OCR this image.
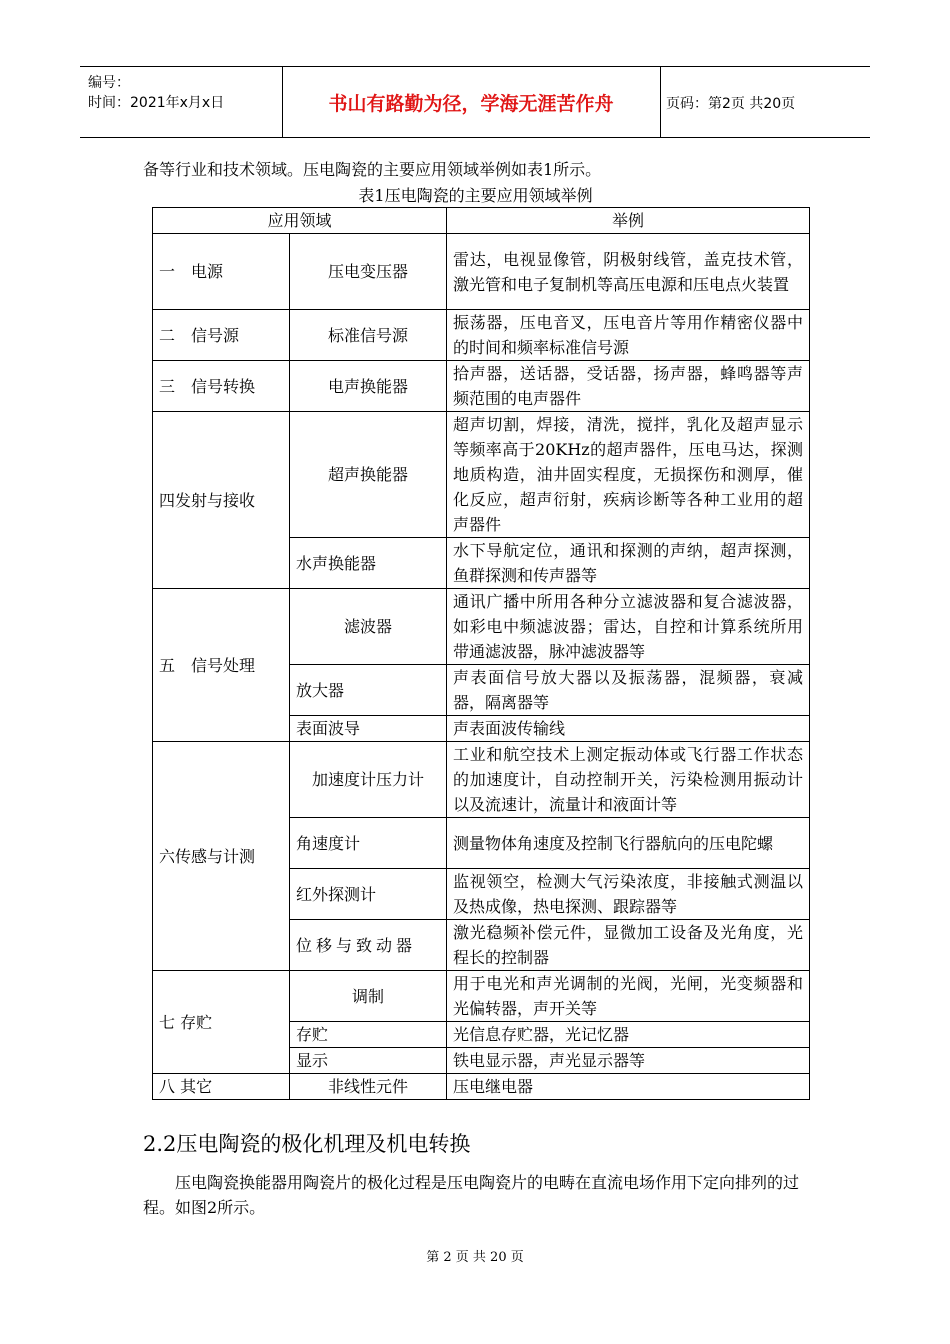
编号：
时间：2021年x月x日	书山有路勤为径，学海无涯苦作舟	页码：第2页 共20页
备等行业和技术领域。压电陶瓷的主要应用领域举例如表1所示。
表1压电陶瓷的主要应用领域举例
应用领域		举例
一　电源	压电变压器	雷达，电视显像管，阴极射线管，盖克技术管，激光管和电子复制机等高压电源和压电点火装置
二　信号源	标准信号源	振荡器，压电音叉，压电音片等用作精密仪器中的时间和频率标准信号源
三　信号转换	电声换能器	拾声器，送话器，受话器，扬声器，蜂鸣器等声频范围的电声器件
四发射与接收	超声换能器	超声切割，焊接，清洗，搅拌，乳化及超声显示等频率高于20KHz的超声器件，压电马达，探测地质构造，油井固实程度，无损探伤和测厚，催化反应，超声衍射，疾病诊断等各种工业用的超声器件
	水声换能器	水下导航定位，通讯和探测的声纳，超声探测，鱼群探测和传声器等
五　信号处理	滤波器	通讯广播中所用各种分立滤波器和复合滤波器，如彩电中频滤波器；雷达，自控和计算系统所用带通滤波器，脉冲滤波器等
	放大器	声表面信号放大器以及振荡器，混频器，衰减器，隔离器等
	表面波导	声表面波传输线
六传感与计测	加速度计压力计	工业和航空技术上测定振动体或飞行器工作状态的加速度计，自动控制开关，污染检测用振动计以及流速计，流量计和液面计等
	角速度计	测量物体角速度及控制飞行器航向的压电陀螺
	红外探测计	监视领空，检测大气污染浓度，非接触式测温以及热成像，热电探测、跟踪器等
	位移与致动器	激光稳频补偿元件，显微加工设备及光角度，光程长的控制器
七 存贮	调制	用于电光和声光调制的光阀，光闸，光变频器和光偏转器，声开关等
	存贮	光信息存贮器，光记忆器
	显示	铁电显示器，声光显示器等
八 其它	非线性元件	压电继电器
2.2压电陶瓷的极化机理及机电转换
压电陶瓷换能器用陶瓷片的极化过程是压电陶瓷片的电畴在直流电场作用下定向排列的过程。如图2所示。
第 2 页 共 20 页
